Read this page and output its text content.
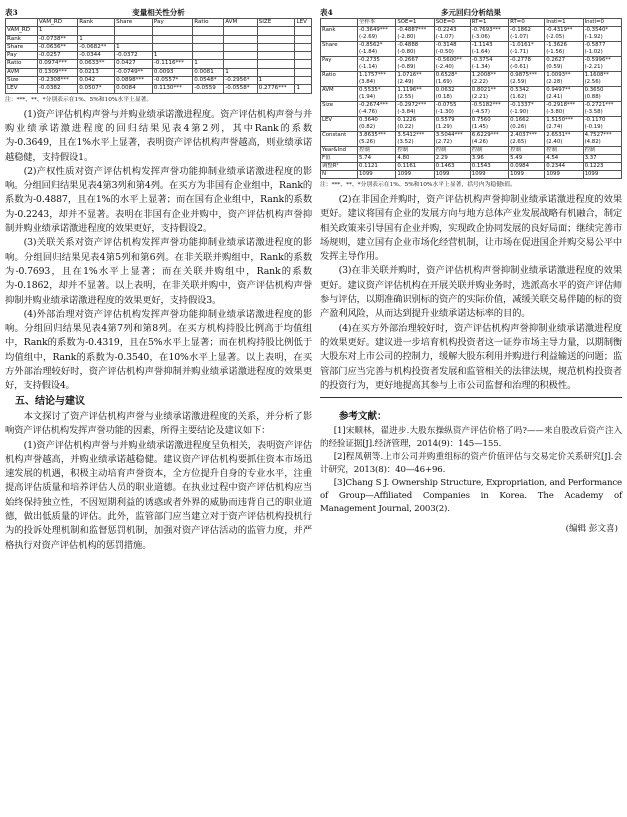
表3	变量相关性分析
	VAM_RD	Rank	Share	Pay	Ratio	AVM	SIZE	LEV
VAM_RD	1							
Rank	-0.0738**	1						
Share	-0.0636**	-0.0682**	1					
Pay	-0.0257	-0.0344	-0.0372	1				
Ratio	0.0974***	0.0633**	0.0427	-0.1116***	1			
AVM	0.1309***	0.0213	-0.0749**	0.0093	0.0081	1		
Size	-0.2308***	0.042	0.0898***	-0.0557*	0.0548*	-0.2956*	1	
LEV	-0.0382	0.0507*	0.0084	0.1130***	-0.0559	-0.0558*	0.2776***	1
注：***、**、*分别表示在1%、5%和10%水平上显著。

(1)资产评估机构声誉与并购业绩承诺激进程度。资产评估机构声誉与并购业绩承诺激进程度的回归结果见表4第2列，其中Rank的系数为-0.3649，且在1%水平上显著，表明资产评估机构声誉越高，则业绩承诺越稳健，支持假设1。

(2)产权性质对资产评估机构发挥声誉功能抑制业绩承诺激进程度的影响。分组回归结果见表4第3列和第4列。在买方为非国有企业组中，Rank的系数为-0.4887，且在1%的水平上显著；而在国有企业组中，Rank的系数为-0.2243，却并不显著。表明在非国有企业并购中，资产评估机构声誉抑制并购业绩承诺激进程度的效果更好，支持假设2。

(3)关联关系对资产评估机构发挥声誉功能抑制业绩承诺激进程度的影响。分组回归结果见表4第5列和第6列。在非关联并购组中，Rank的系数为-0.7693，且在1%水平上显著；而在关联并购组中，Rank的系数为-0.1862，却并不显著。以上表明，在非关联并购中，资产评估机构声誉抑制并购业绩承诺激进程度的效果更好，支持假设3。

(4)外部治理对资产评估机构发挥声誉功能抑制业绩承诺激进程度的影响。分组回归结果见表4第7列和第8列。在买方机构持股比例高于均值组中，Rank的系数为-0.4319，且在5%水平上显著；而在机构持股比例低于均值组中，Rank的系数为-0.3540，在10%水平上显著。以上表明，在买方外部治理较好时，资产评估机构声誉抑制并购业绩承诺激进程度的效果更好，支持假设4。

五、结论与建议

本文探讨了资产评估机构声誉与业绩承诺激进程度的关系，并分析了影响资产评估机构发挥声誉功能的因素，所得主要结论及建议如下：

(1)资产评估机构声誉与并购业绩承诺激进程度呈负相关，表明资产评估机构声誉越高，并购业绩承诺越稳健。建议资产评估机构要抓住资本市场迅速发展的机遇，积极主动培育声誉资本，全方位提升自身的专业水平，注重提高评估质量和培养评估人员的职业道德。在执业过程中资产评估机构应当始终保持独立性，不因短期利益的诱惑或者外界的威胁而违背自己的职业道德，做出低质量的评估。此外，监管部门应当建立对于资产评估机构投机行为的投诉处理机制和监督惩罚机制，加强对资产评估活动的监管力度，并严格执行对资产评估机构的惩罚措施。

表4	多元回归分析结果
	全样本	SOE=1	SOE=0	RT=1	RT=0	Insti=1	Insti=0
Rank	-0.3649***	-0.4887***	-0.2243	-0.7693***	-0.1862	-0.4319**	-0.3540*
	(-2.69)	(-2.80)	(-1.07)	(-3.06)	(-1.07)	(-2.05)	(-1.92)
Share	-0.8562*	-0.4888	-0.3148	-1.1143	-1.0161*	-1.3626	-0.5877
	(-1.84)	(-0.80)	(-0.50)	(-1.64)	(-1.71)	(-1.56)	(-1.02)
Pay	-0.2735	-0.2667	-0.5600**	-0.3754	-0.2778	0.2627	-0.5996**
	(-1.14)	(-0.89)	(-2.40)	(-1.34)	(-0.61)	(0.59)	(-2.21)
Ratio	1.1757***	1.0716**	0.6528*	1.2008**	0.9875***	1.0093**	1.1608**
	(3.84)	(2.49)	(1.69)	(2.22)	(2.59)	(2.28)	(2.56)
AVM	0.5535*	1.1196**	0.0632	0.8021**	0.5342	0.9497**	0.3650
	(1.94)	(2.55)	(0.18)	(2.21)	(1.62)	(2.41)	(0.88)
Size	-0.2674***	-0.2972***	-0.0755	-0.5182***	-0.1337*	-0.2918***	-0.2721***
	(-4.76)	(-3.84)	(-1.30)	(-4.57)	(-1.90)	(-3.80)	(-3.58)
LEV	0.3640	0.1226	0.5579	0.7560	0.1662	1.5150***	-0.1170
	(0.82)	(0.22)	(1.29)	(1.45)	(0.26)	(2.74)	(-0.19)
Constant	3.8635***	3.5412***	3.5044***	6.6229***	2.4037***	2.6531**	4.7527***
	(5.26)	(3.52)	(2.72)	(4.26)	(2.65)	(2.40)	(4.82)
Year&Ind	控制	控制	控制	控制	控制	控制	控制
F值	5.74	4.80	2.29	3.96	5.49	4.54	3.37
调整R²	0.1121	0.1161	0.1463	0.1543	0.0984	0.2344	0.1223
N	1099	1099	1099	1099	1099	1099	1099
注：***、**、*分别表示在1%、5%和10%水平上显著，括号内为稳健t值。

(2)在非国企并购时，资产评估机构声誉抑制业绩承诺激进程度的效果更好。建议将国有企业的发展方向与地方总体产业发展战略有机融合，制定相关政策来引导国有企业并购，实现政企协同发展的良好局面；继续完善市场规则，建立国有企业市场化经营机制，让市场在促进国企并购交易公平中发挥主导作用。

(3)在非关联并购时，资产评估机构声誉抑制业绩承诺激进程度的效果更好。建议资产评估机构在开展关联并购业务时，选派高水平的资产评估师参与评估，以期准确识别标的资产的实际价值，减缓关联交易伴随的标的资产盈利风险，从而达到提升业绩承诺达标率的目的。

(4)在买方外部治理较好时，资产评估机构声誉抑制业绩承诺激进程度的效果更好。建议进一步培育机构投资者这一证券市场主导力量，以期制衡大股东对上市公司的控制力，缓解大股东利用并购进行利益输送的问题；监管部门应当完善与机构投资者发展和监管相关的法律法规，规范机构投资者的投资行为，更好地提高其参与上市公司监督和治理的积极性。

参考文献：

[1]宋顺林，翟进步.大股东操纵资产评估价格了吗?——来自股改后资产注入的经验证据[J].经济管理，2014(9)：145—155.

[2]程凤朝等.上市公司并购重组标的资产价值评估与交易定价关系研究[J].会计研究，2013(8)：40—46+96.

[3]Chang S J. Ownership Structure, Expropriation, and Performance of Group—Affiliated Companies in Korea. The Academy of Management Journal, 2003(2).

(编辑 彭文喜)
